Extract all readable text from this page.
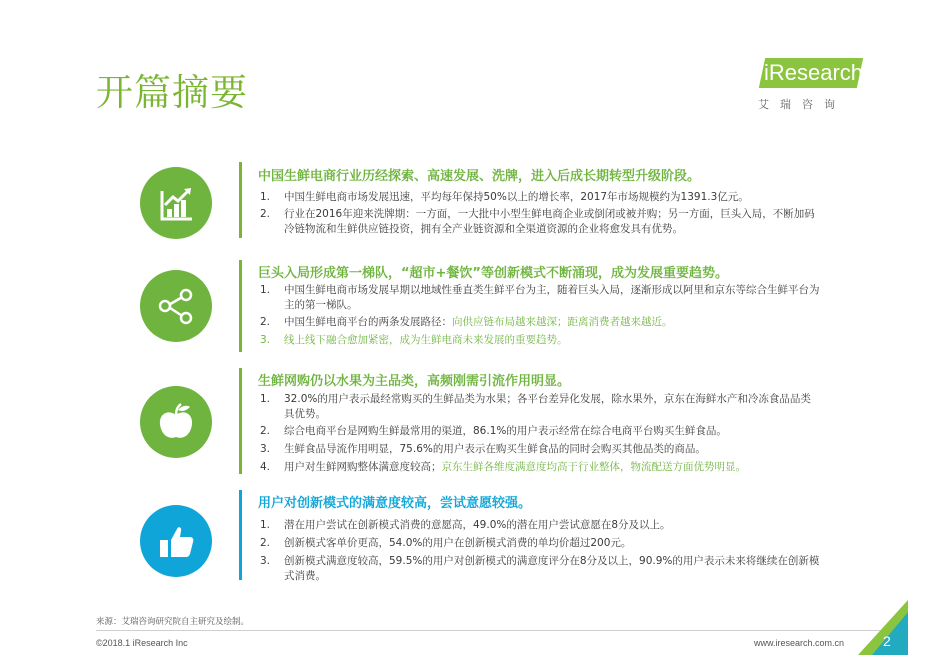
开篇摘要	iResearch
艾瑞咨询
中国生鲜电商行业历经探索、高速发展、洗牌，进入后成长期转型升级阶段。
1.	中国生鲜电商市场发展迅速，平均每年保持50%以上的增长率，2017年市场规模约为1391.3亿元。
2.	行业在2016年迎来洗牌期：一方面，一大批中小型生鲜电商企业或倒闭或被并购；另一方面，巨头入局，不断加码冷链物流和生鲜供应链投资，拥有全产业链资源和全渠道资源的企业将愈发具有优势。
巨头入局形成第一梯队，“超市+餐饮”等创新模式不断涌现，成为发展重要趋势。
1.	中国生鲜电商市场发展早期以地域性垂直类生鲜平台为主，随着巨头入局，逐渐形成以阿里和京东等综合生鲜平台为主的第一梯队。
2.	中国生鲜电商平台的两条发展路径：向供应链布局越来越深；距离消费者越来越近。
3.	线上线下融合愈加紧密，成为生鲜电商未来发展的重要趋势。
生鲜网购仍以水果为主品类，高频刚需引流作用明显。
1.	32.0%的用户表示最经常购买的生鲜品类为水果；各平台差异化发展，除水果外，京东在海鲜水产和冷冻食品品类具优势。
2.	综合电商平台是网购生鲜最常用的渠道，86.1%的用户表示经常在综合电商平台购买生鲜食品。
3.	生鲜食品导流作用明显，75.6%的用户表示在购买生鲜食品的同时会购买其他品类的商品。
4.	用户对生鲜网购整体满意度较高；京东生鲜各维度满意度均高于行业整体，物流配送方面优势明显。
用户对创新模式的满意度较高，尝试意愿较强。
1.	潜在用户尝试在创新模式消费的意愿高，49.0%的潜在用户尝试意愿在8分及以上。
2.	创新模式客单价更高，54.0%的用户在创新模式消费的单均价超过200元。
3.	创新模式满意度较高，59.5%的用户对创新模式的满意度评分在8分及以上，90.9%的用户表示未来将继续在创新模式消费。
来源：艾瑞咨询研究院自主研究及绘制。
©2018.1 iResearch Inc	www.iresearch.com.cn	2
